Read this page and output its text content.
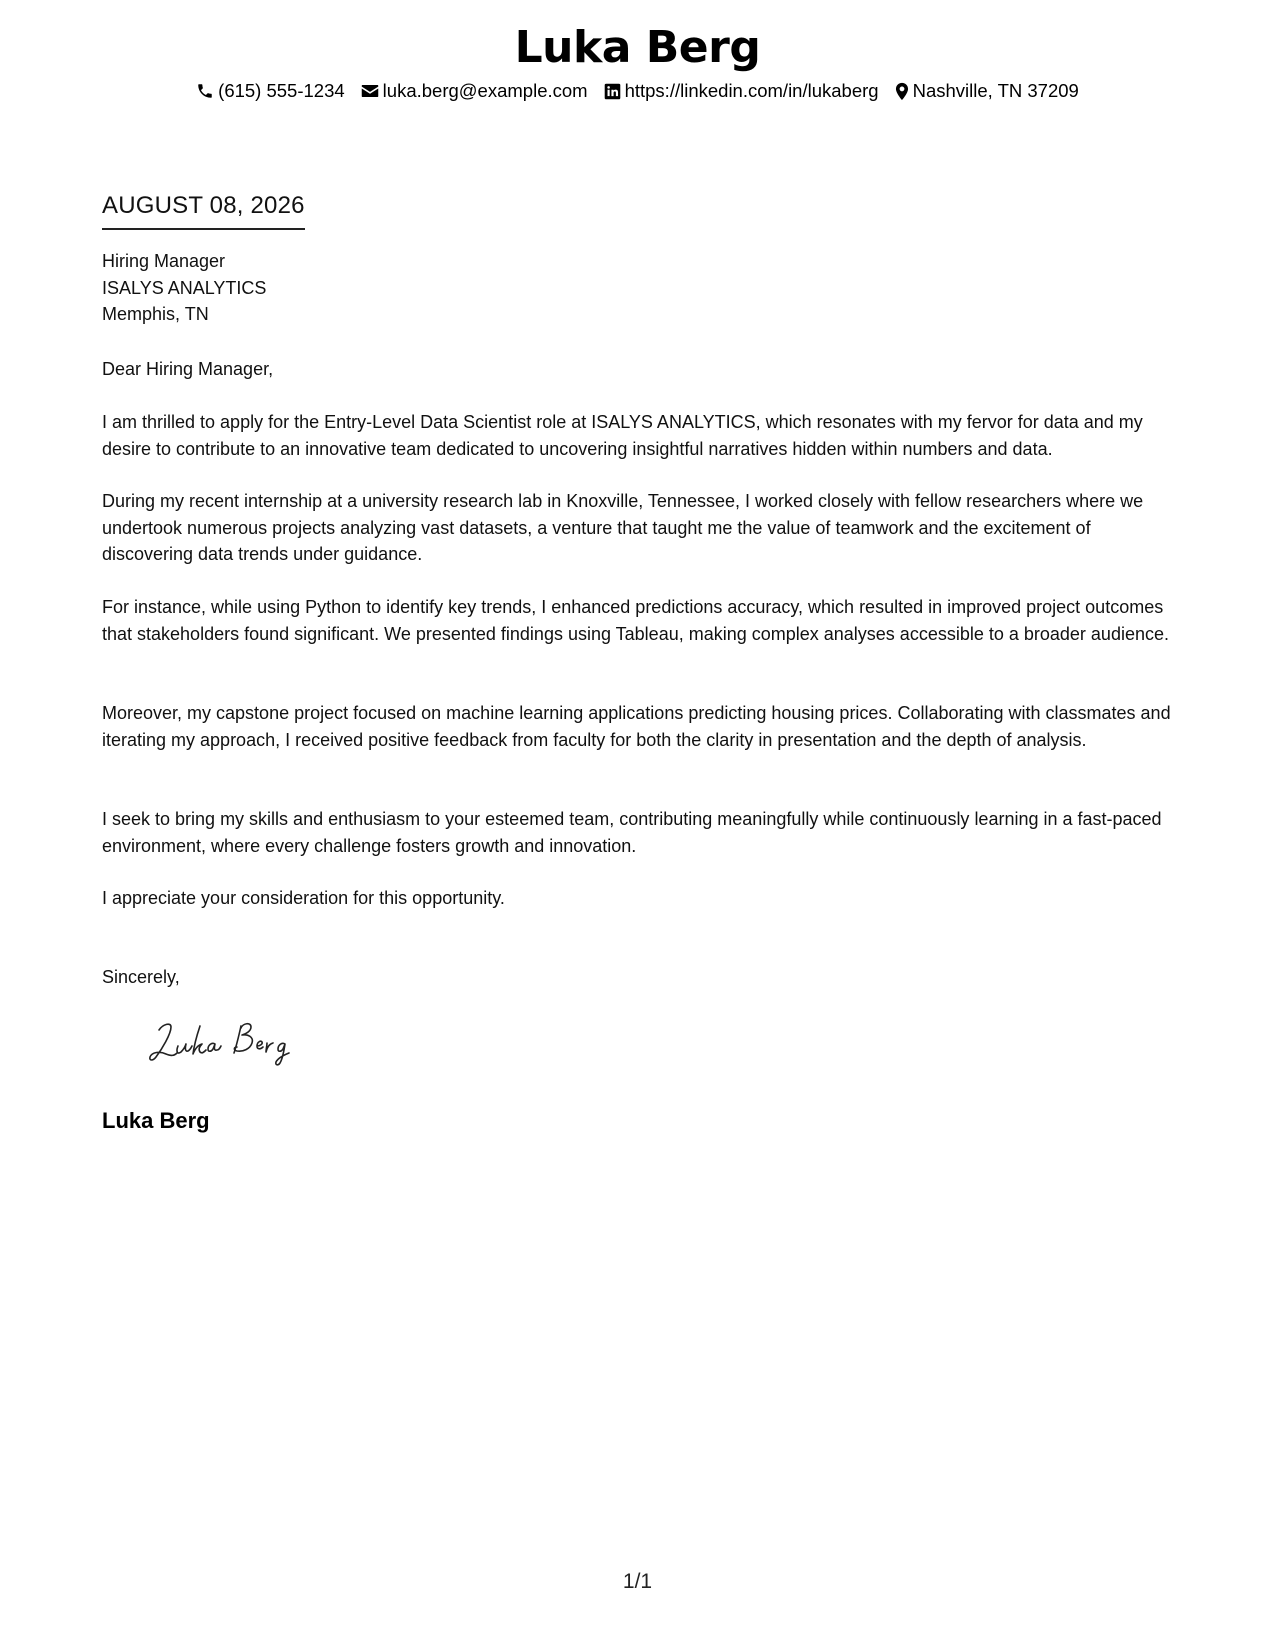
Luka Berg
(615) 555-1234 luka.berg@example.com https://linkedin.com/in/lukaberg Nashville, TN 37209
AUGUST 08, 2026
Hiring Manager
ISALYS ANALYTICS
Memphis, TN
Dear Hiring Manager,
I am thrilled to apply for the Entry-Level Data Scientist role at ISALYS ANALYTICS, which resonates with my fervor for data and my desire to contribute to an innovative team dedicated to uncovering insightful narratives hidden within numbers and data.
During my recent internship at a university research lab in Knoxville, Tennessee, I worked closely with fellow researchers where we undertook numerous projects analyzing vast datasets, a venture that taught me the value of teamwork and the excitement of discovering data trends under guidance.
For instance, while using Python to identify key trends, I enhanced predictions accuracy, which resulted in improved project outcomes that stakeholders found significant. We presented findings using Tableau, making complex analyses accessible to a broader audience.
Moreover, my capstone project focused on machine learning applications predicting housing prices. Collaborating with classmates and iterating my approach, I received positive feedback from faculty for both the clarity in presentation and the depth of analysis.
I seek to bring my skills and enthusiasm to your esteemed team, contributing meaningfully while continuously learning in a fast-paced environment, where every challenge fosters growth and innovation.
I appreciate your consideration for this opportunity.
Sincerely,
Luka Berg
1/1
